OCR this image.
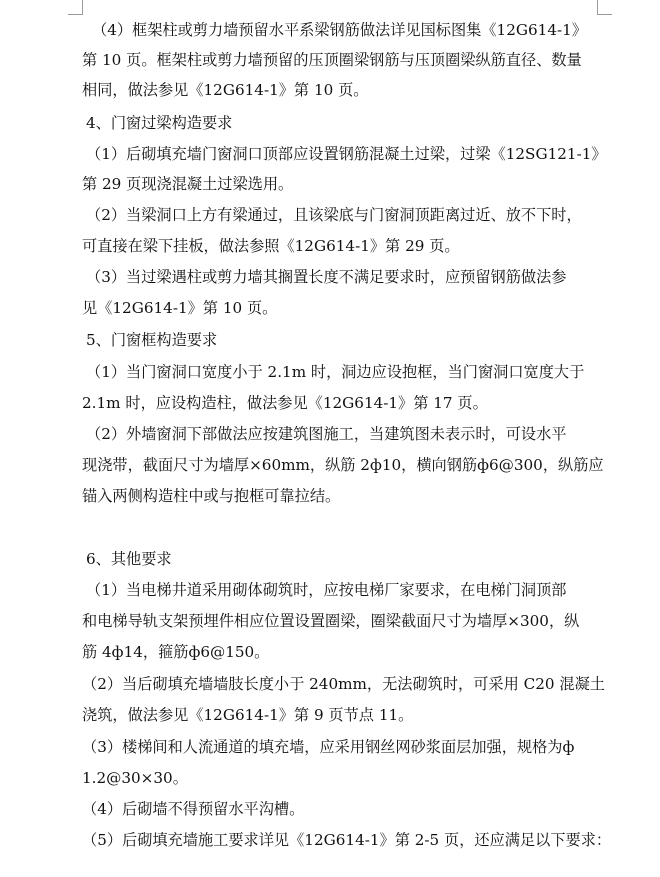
（4）框架柱或剪力墙预留水平系梁钢筋做法详见国标图集《12G614-1》
第 10 页。框架柱或剪力墙预留的压顶圈梁钢筋与压顶圈梁纵筋直径、数量
相同，做法参见《12G614-1》第 10 页。
4、门窗过梁构造要求
（1）后砌填充墙门窗洞口顶部应设置钢筋混凝土过梁，过梁《12SG121-1》
第 29 页现浇混凝土过梁选用。
（2）当梁洞口上方有梁通过，且该梁底与门窗洞顶距离过近、放不下时，
可直接在梁下挂板，做法参照《12G614-1》第 29 页。
（3）当过梁遇柱或剪力墙其搁置长度不满足要求时，应预留钢筋做法参
见《12G614-1》第 10 页。
5、门窗框构造要求
（1）当门窗洞口宽度小于 2.1m 时，洞边应设抱框，当门窗洞口宽度大于
2.1m 时，应设构造柱，做法参见《12G614-1》第 17 页。
（2）外墙窗洞下部做法应按建筑图施工，当建筑图未表示时，可设水平
现浇带，截面尺寸为墙厚×60mm，纵筋 2ф10，横向钢筋ф6@300，纵筋应
锚入两侧构造柱中或与抱框可靠拉结。
6、其他要求
（1）当电梯井道采用砌体砌筑时，应按电梯厂家要求，在电梯门洞顶部
和电梯导轨支架预埋件相应位置设置圈梁，圈梁截面尺寸为墙厚×300，纵
筋 4ф14，箍筋ф6@150。
（2）当后砌填充墙墙肢长度小于 240mm，无法砌筑时，可采用 C20 混凝土
浇筑，做法参见《12G614-1》第 9 页节点 11。
（3）楼梯间和人流通道的填充墙，应采用钢丝网砂浆面层加强，规格为ф
1.2@30×30。
（4）后砌墙不得预留水平沟槽。
（5）后砌填充墙施工要求详见《12G614-1》第 2-5 页，还应满足以下要求：
